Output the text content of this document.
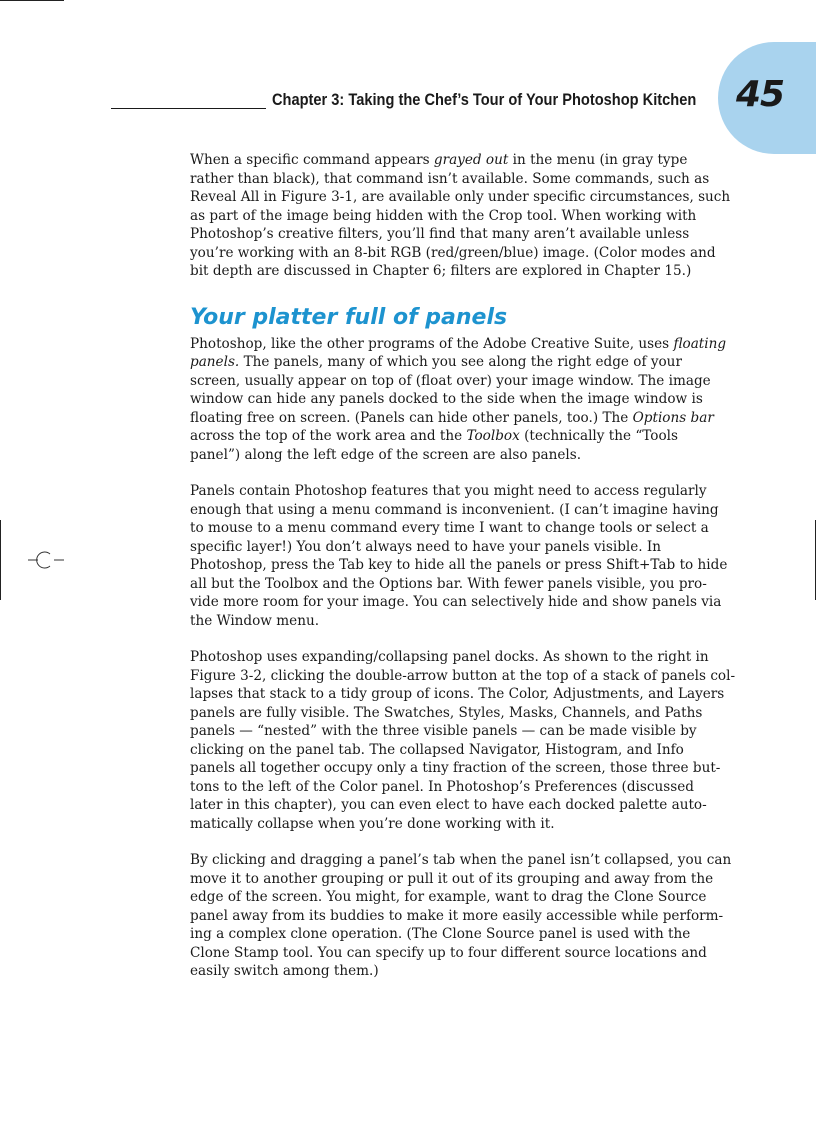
45
Chapter 3: Taking the Chef’s Tour of Your Photoshop Kitchen
When a specific command appears grayed out in the menu (in gray type
rather than black), that command isn’t available. Some commands, such as
Reveal All in Figure 3-1, are available only under specific circumstances, such
as part of the image being hidden with the Crop tool. When working with
Photoshop’s creative filters, you’ll find that many aren’t available unless
you’re working with an 8-bit RGB (red/green/blue) image. (Color modes and
bit depth are discussed in Chapter 6; filters are explored in Chapter 15.)
Your platter full of panels
Photoshop, like the other programs of the Adobe Creative Suite, uses floating
panels. The panels, many of which you see along the right edge of your
screen, usually appear on top of (float over) your image window. The image
window can hide any panels docked to the side when the image window is
floating free on screen. (Panels can hide other panels, too.) The Options bar
across the top of the work area and the Toolbox (technically the “Tools
panel”) along the left edge of the screen are also panels.
Panels contain Photoshop features that you might need to access regularly
enough that using a menu command is inconvenient. (I can’t imagine having
to mouse to a menu command every time I want to change tools or select a
specific layer!) You don’t always need to have your panels visible. In
Photoshop, press the Tab key to hide all the panels or press Shift+Tab to hide
all but the Toolbox and the Options bar. With fewer panels visible, you pro-
vide more room for your image. You can selectively hide and show panels via
the Window menu.
Photoshop uses expanding/collapsing panel docks. As shown to the right in
Figure 3-2, clicking the double-arrow button at the top of a stack of panels col-
lapses that stack to a tidy group of icons. The Color, Adjustments, and Layers
panels are fully visible. The Swatches, Styles, Masks, Channels, and Paths
panels — “nested” with the three visible panels — can be made visible by
clicking on the panel tab. The collapsed Navigator, Histogram, and Info
panels all together occupy only a tiny fraction of the screen, those three but-
tons to the left of the Color panel. In Photoshop’s Preferences (discussed
later in this chapter), you can even elect to have each docked palette auto-
matically collapse when you’re done working with it.
By clicking and dragging a panel’s tab when the panel isn’t collapsed, you can
move it to another grouping or pull it out of its grouping and away from the
edge of the screen. You might, for example, want to drag the Clone Source
panel away from its buddies to make it more easily accessible while perform-
ing a complex clone operation. (The Clone Source panel is used with the
Clone Stamp tool. You can specify up to four different source locations and
easily switch among them.)
